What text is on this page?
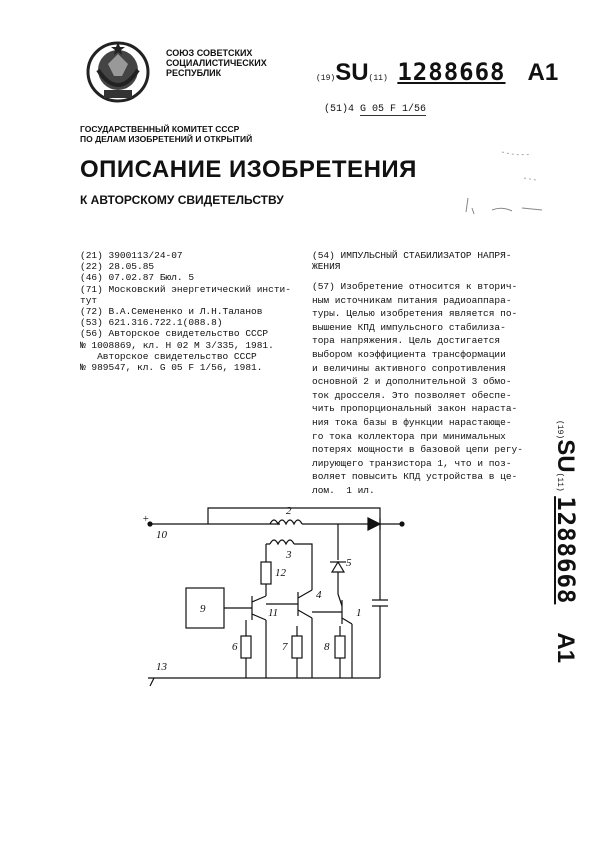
СОЮЗ СОВЕТСКИХ
СОЦИАЛИСТИЧЕСКИХ
РЕСПУБЛИК
(19)SU(11) 1288668 A1
(51)4 G 05 F 1/56
ГОСУДАРСТВЕННЫЙ КОМИТЕТ СССР
ПО ДЕЛАМ ИЗОБРЕТЕНИЙ И ОТКРЫТИЙ
ОПИСАНИЕ ИЗОБРЕТЕНИЯ
К АВТОРСКОМУ СВИДЕТЕЛЬСТВУ
(21) 3900113/24-07
(22) 28.05.85
(46) 07.02.87 Бюл. 5
(71) Московский энергетический инсти-
тут
(72) В.А.Семененко и Л.Н.Таланов
(53) 621.316.722.1(088.8)
(56) Авторское свидетельство СССР
№ 1008869, кл. Н 02 М 3/335, 1981.
Авторское свидетельство СССР
№ 989547, кл. G 05 F 1/56, 1981.
(54) ИМПУЛЬСНЫЙ СТАБИЛИЗАТОР НАПРЯ-
ЖЕНИЯ
(57) Изобретение относится к вторич-
ным источникам питания радиоаппара-
туры. Целью изобретения является по-
вышение КПД импульсного стабилиза-
тора напряжения. Цель достигается
выбором коэффициента трансформации
и величины активного сопротивления
основной 2 и дополнительной 3 обмо-
ток дросселя. Это позволяет обеспе-
чить пропорциональный закон нараста-
ния тока базы в функции нарастающе-
го тока коллектора при минимальных
потерях мощности в базовой цепи регу-
лирующего транзистора 1, что и поз-
воляет повысить КПД устройства в це-
лом.  1 ил.
(19)SU(11) 1288668A1
+
10
2
3
5
12
4
9	11	1
6	7	8
13
